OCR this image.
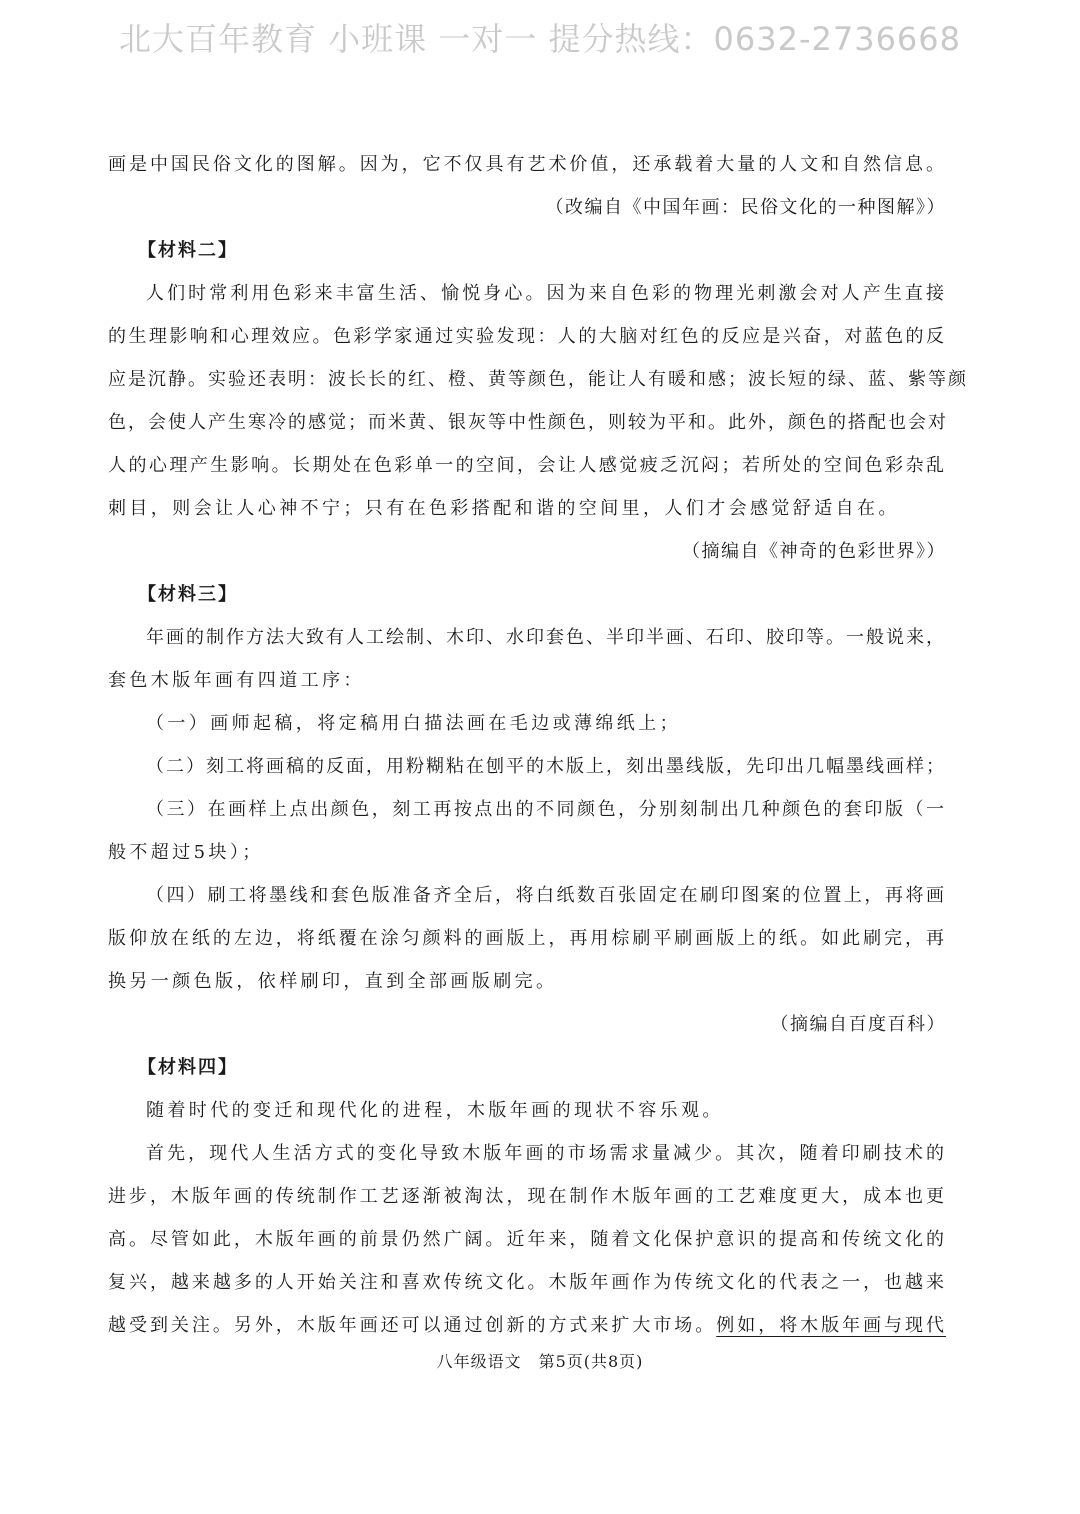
北大百年教育 小班课 一对一 提分热线：0632-2736668
画是中国民俗文化的图解。因为，它不仅具有艺术价值，还承载着大量的人文和自然信息。
（改编自《中国年画：民俗文化的一种图解》）
【材料二】
人们时常利用色彩来丰富生活、愉悦身心。因为来自色彩的物理光刺激会对人产生直接
的生理影响和心理效应。色彩学家通过实验发现：人的大脑对红色的反应是兴奋，对蓝色的反
应是沉静。实验还表明：波长长的红、橙、黄等颜色，能让人有暖和感；波长短的绿、蓝、紫等颜
色，会使人产生寒冷的感觉；而米黄、银灰等中性颜色，则较为平和。此外，颜色的搭配也会对
人的心理产生影响。长期处在色彩单一的空间，会让人感觉疲乏沉闷；若所处的空间色彩杂乱
刺目，则会让人心神不宁；只有在色彩搭配和谐的空间里，人们才会感觉舒适自在。
（摘编自《神奇的色彩世界》）
【材料三】
年画的制作方法大致有人工绘制、木印、水印套色、半印半画、石印、胶印等。一般说来，
套色木版年画有四道工序：
（一）画师起稿，将定稿用白描法画在毛边或薄绵纸上；
（二）刻工将画稿的反面，用粉糊粘在刨平的木版上，刻出墨线版，先印出几幅墨线画样；
（三）在画样上点出颜色，刻工再按点出的不同颜色，分别刻制出几种颜色的套印版（一
般不超过5块）；
（四）刷工将墨线和套色版准备齐全后，将白纸数百张固定在刷印图案的位置上，再将画
版仰放在纸的左边，将纸覆在涂匀颜料的画版上，再用棕刷平刷画版上的纸。如此刷完，再
换另一颜色版，依样刷印，直到全部画版刷完。
（摘编自百度百科）
【材料四】
随着时代的变迁和现代化的进程，木版年画的现状不容乐观。
首先，现代人生活方式的变化导致木版年画的市场需求量减少。其次，随着印刷技术的
进步，木版年画的传统制作工艺逐渐被淘汰，现在制作木版年画的工艺难度更大，成本也更
高。尽管如此，木版年画的前景仍然广阔。近年来，随着文化保护意识的提高和传统文化的
复兴，越来越多的人开始关注和喜欢传统文化。木版年画作为传统文化的代表之一，也越来
越受到关注。另外，木版年画还可以通过创新的方式来扩大市场。例如，将木版年画与现代
八年级语文　第5页(共8页)
